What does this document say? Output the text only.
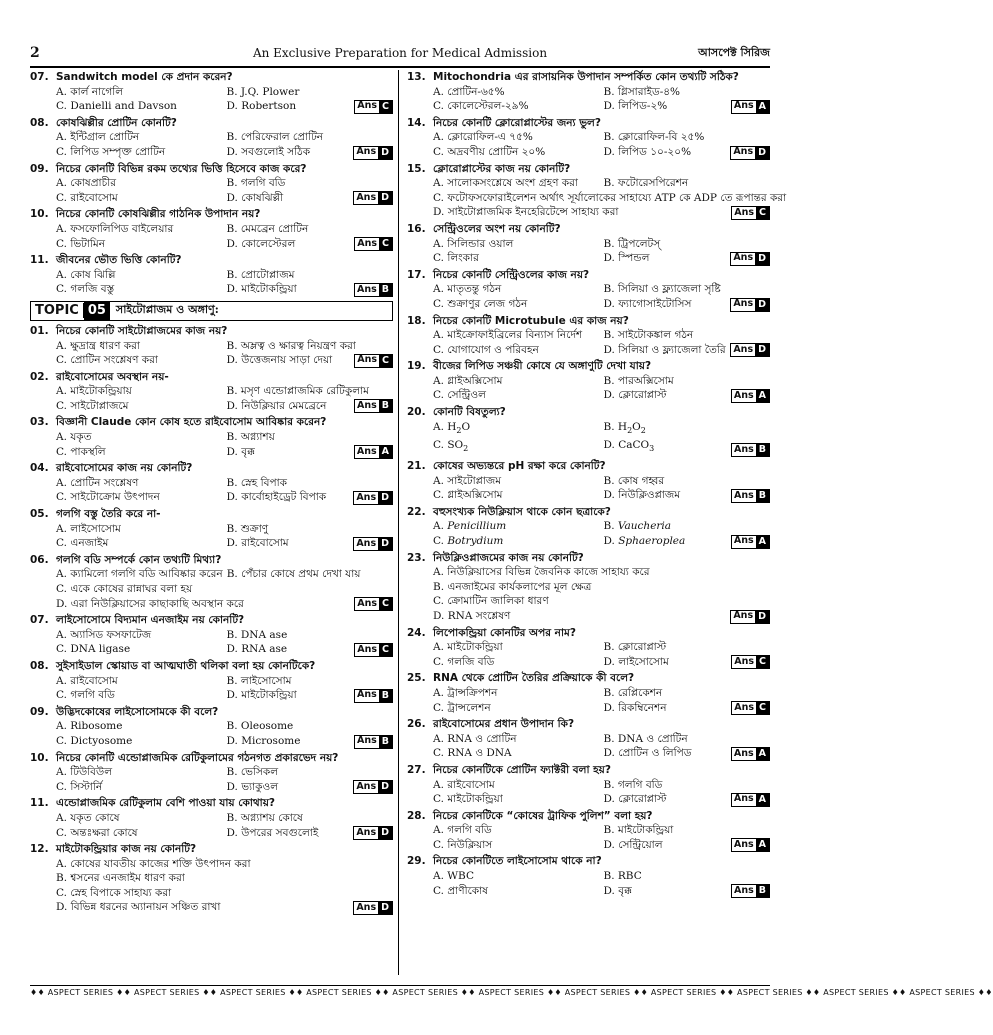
2	An Exclusive Preparation for Medical Admission	আসপেক্ট সিরিজ
07. Sandwitch model কে প্রদান করেন?
A. কার্ল নাগেলি	B. J.Q. Plower
C. Danielli and Davson	D. Robertson	Ans C
08. কোষঝিল্লীর প্রোটিন কোনটি?
A. ইন্টিগ্রাল প্রোটিন	B. পেরিফেরাল প্রোটিন
C. লিপিড সম্পৃক্ত প্রোটিন	D. সবগুলোই সঠিক	Ans D
09. নিচের কোনটি বিভিন্ন রকম তথ্যের ভিত্তি হিসেবে কাজ করে?
A. কোষপ্রাচীর	B. গলগি বডি
C. রাইবোসোম	D. কোষঝিল্লী	Ans D
10. নিচের কোনটি কোষঝিল্লীর গাঠনিক উপাদান নয়?
A. ফসফোলিপিড বাইলেয়ার	B. মেমব্রেন প্রোটিন
C. ভিটামিন	D. কোলেস্টেরল	Ans C
11. জীবনের ভৌত ভিত্তি কোনটি?
A. কোষ ঝিল্লি	B. প্রোটোপ্লাজম
C. গলজি বস্তু	D. মাইটোকন্ড্রিয়া	Ans B
TOPIC 05 সাইটোপ্লাজম ও অঙ্গাণু:
01. নিচের কোনটি সাইটোপ্লাজমের কাজ নয়?
A. ক্ষুদ্রান্ত্র ধারণ করা	B. অম্লত্ব ও ক্ষারত্ব নিয়ন্ত্রণ করা
C. প্রোটিন সংশ্লেষণ করা	D. উত্তেজনায় সাড়া দেয়া	Ans C
02. রাইবোসোমের অবস্থান নয়-
A. মাইটোকন্ড্রিয়ায়	B. মসৃণ এন্ডোপ্লাজমিক রেটিকুলাম
C. সাইটোপ্লাজমে	D. নিউক্লিয়ার মেমব্রেনে	Ans B
03. বিজ্ঞানী Claude কোন কোষ হতে রাইবোসোম আবিষ্কার করেন?
A. যকৃত	B. অগ্ন্যাশয়
C. পাকস্থলি	D. বৃক্ক	Ans A
04. রাইবোসোমের কাজ নয় কোনটি?
A. প্রোটিন সংশ্লেষণ	B. স্নেহ বিপাক
C. সাইটোক্রোম উৎপাদন	D. কার্বোহাইড্রেট বিপাক	Ans D
05. গলগি বস্তু তৈরি করে না-
A. লাইসোসোম	B. শুক্রাণু
C. এনজাইম	D. রাইবোসোম	Ans D
06. গলগি বডি সম্পর্কে কোন তথ্যটি মিথ্যা?
A. ক্যামিলো গলগি বডি আবিষ্কার করেন B. পেঁচার কোষে প্রথম দেখা যায়
C. একে কোষের রান্নাঘর বলা হয়
D. এরা নিউক্লিয়াসের কাছাকাছি অবস্থান করে	Ans C
07. লাইসোসোমে বিদ্যমান এনজাইম নয় কোনটি?
A. অ্যাসিড ফসফাটেজ	B. DNA ase
C. DNA ligase	D. RNA ase	Ans C
08. সুইসাইডাল স্কোয়াড বা আত্মঘাতী থলিকা বলা হয় কোনটিকে?
A. রাইবোসোম	B. লাইসোসোম
C. গলগি বডি	D. মাইটোকন্ড্রিয়া	Ans B
09. উদ্ভিদকোষের লাইসোসোমকে কী বলে?
A. Ribosome	B. Oleosome
C. Dictyosome	D. Microsome	Ans B
10. নিচের কোনটি এন্ডোপ্লাজমিক রেটিকুলামের গঠনগত প্রকারভেদ নয়?
A. টিউবিউল	B. ভেসিকল
C. সিস্টার্নি	D. ভ্যাকুওল	Ans D
11. এন্ডোপ্লাজমিক রেটিকুলাম বেশি পাওয়া যায় কোথায়?
A. যকৃত কোষে	B. অগ্ন্যাশয় কোষে
C. অন্তঃক্ষরা কোষে	D. উপরের সবগুলোই	Ans D
12. মাইটোকন্ড্রিয়ার কাজ নয় কোনটি?
A. কোষের যাবতীয় কাজের শক্তি উৎপাদন করা
B. শ্বসনের এনজাইম ধারণ করা
C. স্নেহ বিপাকে সাহায্য করা
D. বিভিন্ন ধরনের অ্যানায়ন সঞ্চিত রাখা	Ans D
13. Mitochondria এর রাসায়নিক উপাদান সম্পর্কিত কোন তথ্যটি সঠিক?
A. প্রোটিন-৬৫%	B. গ্লিসারাইড-৪%
C. কোলেস্টেরল-২৯%	D. লিপিড-২%	Ans A
14. নিচের কোনটি ক্লোরোপ্লাস্টের জন্য ভুল?
A. ক্লোরোফিল-এ ৭৫%	B. ক্লোরোফিল-বি ২৫%
C. অদ্রবণীয় প্রোটিন ২০%	D. লিপিড ১০-২০%	Ans D
15. ক্লোরোপ্লাস্টের কাজ নয় কোনটি?
A. সালোকসংশ্লেষে অংশ গ্রহণ করা	B. ফটোরেসপিরেশন
C. ফটোফসফোরাইলেশন অর্থাৎ সূর্যালোকের সাহায্যে ATP কে ADP তে রূপান্তর করা
D. সাইটোপ্লাজমিক ইনহেরিটেন্সে সাহায্য করা	Ans C
16. সেন্ট্রিওলের অংশ নয় কোনটি?
A. সিলিন্ডার ওয়াল	B. ট্রিপলেটস্
C. লিংকার	D. স্পিন্ডল	Ans D
17. নিচের কোনটি সেন্ট্রিওলের কাজ নয়?
A. মাতৃতন্তু গঠন	B. সিলিয়া ও ফ্ল্যাজেলা সৃষ্টি
C. শুক্রাণুর লেজ গঠন	D. ফ্যাগোসাইটোসিস	Ans D
18. নিচের কোনটি Microtubule এর কাজ নয়?
A. মাইক্রোফাইব্রিলের বিন্যাস নির্দেশ	B. সাইটোকঙ্কাল গঠন
C. যোগাযোগ ও পরিবহন	D. সিলিয়া ও ফ্ল্যাজেলা তৈরি Ans D
19. বীজের লিপিড সঞ্চয়ী কোষে যে অঙ্গাণুটি দেখা যায়?
A. গ্লাইঅক্সিসোম	B. পারঅক্সিসোম
C. সেন্ট্রিওল	D. ক্লোরোপ্লাস্ট	Ans A
20. কোনটি বিষতুল্য?
A. $H_2O$	B. $H_2O_2$
C. $SO_2$	D. CaCO$_3$	Ans B
21. কোষের অভ্যন্তরে pH রক্ষা করে কোনটি?
A. সাইটোপ্লাজম	B. কোষ গহ্বর
C. গ্লাইঅক্সিসোম	D. নিউক্লিওপ্লাজম	Ans B
22. বহুসংখ্যক নিউক্লিয়াস থাকে কোন ছত্রাকে?
A. Penicillium	B. Vaucheria
C. Botrydium	D. Sphaeroplea	Ans A
23. নিউক্লিওপ্লাজমের কাজ নয় কোনটি?
A. নিউক্লিয়াসের বিভিন্ন জৈবনিক কাজে সাহায্য করে
B. এনজাইমের কার্যকলাপের মূল ক্ষেত্র
C. ক্রোমাটিন জালিকা ধারণ
D. RNA সংশ্লেষণ	Ans D
24. লিপোকন্ড্রিয়া কোনটির অপর নাম?
A. মাইটোকন্ড্রিয়া	B. ক্লোরোপ্লাস্ট
C. গলজি বডি	D. লাইসোসোম	Ans C
25. RNA থেকে প্রোটিন তৈরির প্রক্রিয়াকে কী বলে?
A. ট্রান্সক্রিপশন	B. রেপ্লিকেশন
C. ট্রান্সলেশন	D. রিকম্বিনেশন	Ans C
26. রাইবোসোমের প্রধান উপাদান কি?
A. RNA ও প্রোটিন	B. DNA ও প্রোটিন
C. RNA ও DNA	D. প্রোটিন ও লিপিড	Ans A
27. নিচের কোনটিকে প্রোটিন ফ্যাক্টরী বলা হয়?
A. রাইবোসোম	B. গলগি বডি
C. মাইটোকন্ড্রিয়া	D. ক্লোরোপ্লাস্ট	Ans A
28. নিচের কোনটিকে “কোষের ট্রাফিক পুলিশ” বলা হয়?
A. গলগি বডি	B. মাইটোকন্ড্রিয়া
C. নিউক্লিয়াস	D. সেন্ট্রিয়োল	Ans A
29. নিচের কোনটিতে লাইসোসোম থাকে না?
A. WBC	B. RBC
C. প্রাণীকোষ	D. বৃক্ক	Ans B
♦♦ ASPECT SERIES ♦♦ ASPECT SERIES ♦♦ ASPECT SERIES ♦♦ ASPECT SERIES ♦♦ ASPECT SERIES ♦♦ ASPECT SERIES ♦♦ ASPECT SERIES ♦♦ ASPECT SERIES ♦♦ ASPECT SERIES ♦♦ ASPECT SERIES ♦♦ ASPECT SERIES ♦♦
